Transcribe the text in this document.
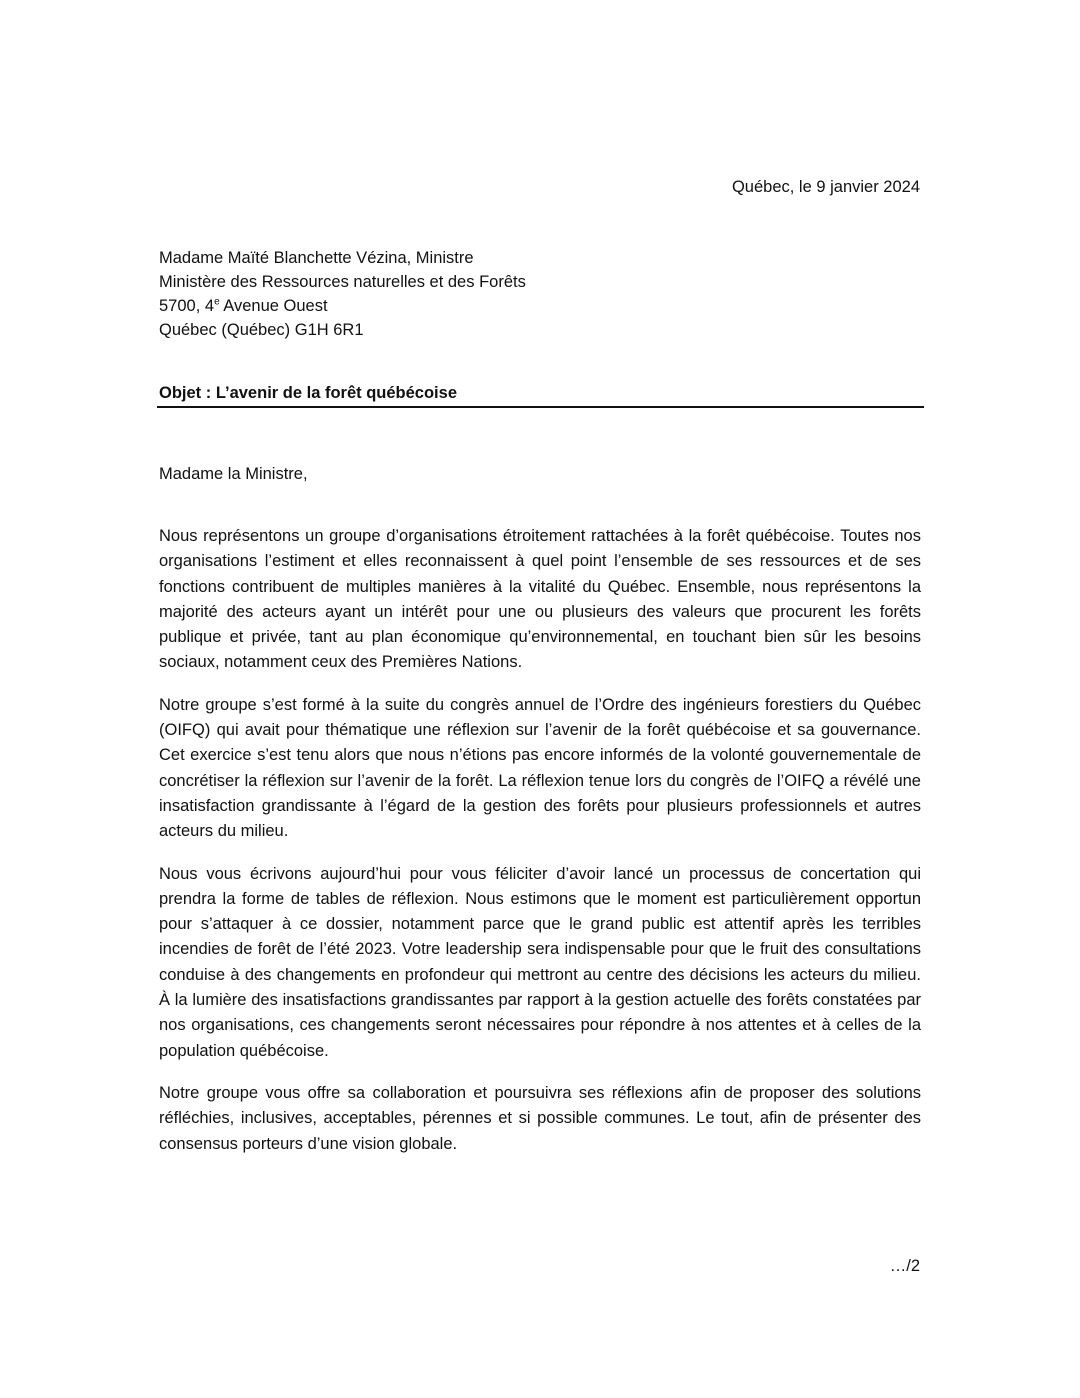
Québec, le 9 janvier 2024
Madame Maïté Blanchette Vézina, Ministre
Ministère des Ressources naturelles et des Forêts
5700, 4e Avenue Ouest
Québec (Québec) G1H 6R1
Objet : L’avenir de la forêt québécoise
Madame la Ministre,

Nous représentons un groupe d’organisations étroitement rattachées à la forêt québécoise. Toutes nos organisations l’estiment et elles reconnaissent à quel point l’ensemble de ses ressources et de ses fonctions contribuent de multiples manières à la vitalité du Québec. Ensemble, nous représentons la majorité des acteurs ayant un intérêt pour une ou plusieurs des valeurs que procurent les forêts publique et privée, tant au plan économique qu’environnemental, en touchant bien sûr les besoins sociaux, notamment ceux des Premières Nations.

Notre groupe s’est formé à la suite du congrès annuel de l’Ordre des ingénieurs forestiers du Québec (OIFQ) qui avait pour thématique une réflexion sur l’avenir de la forêt québécoise et sa gouvernance. Cet exercice s’est tenu alors que nous n’étions pas encore informés de la volonté gouvernementale de concrétiser la réflexion sur l’avenir de la forêt. La réflexion tenue lors du congrès de l’OIFQ a révélé une insatisfaction grandissante à l’égard de la gestion des forêts pour plusieurs professionnels et autres acteurs du milieu.

Nous vous écrivons aujourd’hui pour vous féliciter d’avoir lancé un processus de concertation qui prendra la forme de tables de réflexion. Nous estimons que le moment est particulièrement opportun pour s’attaquer à ce dossier, notamment parce que le grand public est attentif après les terribles incendies de forêt de l’été 2023. Votre leadership sera indispensable pour que le fruit des consultations conduise à des changements en profondeur qui mettront au centre des décisions les acteurs du milieu. À la lumière des insatisfactions grandissantes par rapport à la gestion actuelle des forêts constatées par nos organisations, ces changements seront nécessaires pour répondre à nos attentes et à celles de la population québécoise.

Notre groupe vous offre sa collaboration et poursuivra ses réflexions afin de proposer des solutions réfléchies, inclusives, acceptables, pérennes et si possible communes. Le tout, afin de présenter des consensus porteurs d’une vision globale.

…/2
